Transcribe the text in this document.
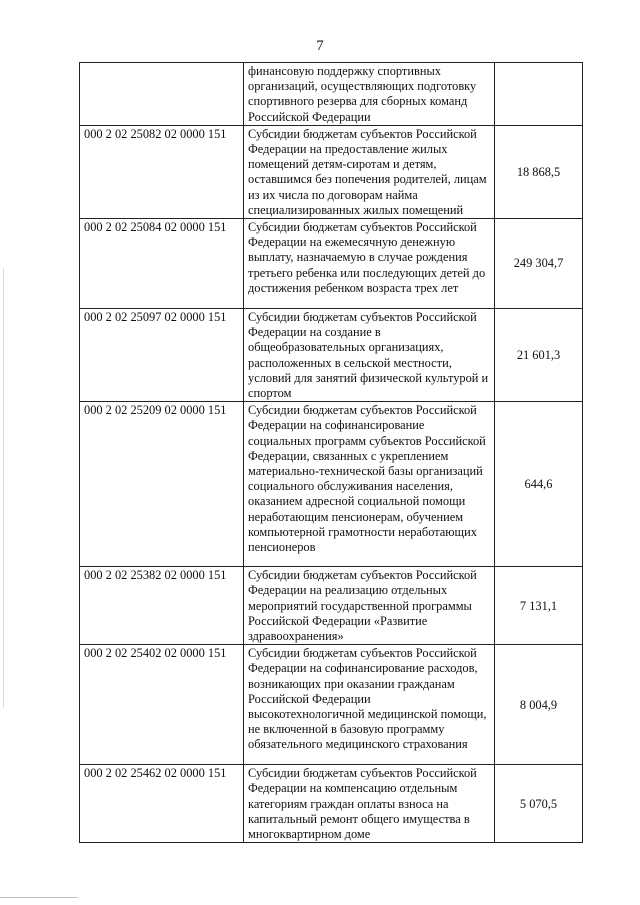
7
	финансовую поддержку спортивных организаций, осуществляющих подготовку спортивного резерва для сборных команд Российской Федерации	
000 2 02 25082 02 0000 151	Субсидии бюджетам субъектов Российской Федерации на предоставление жилых помещений детям-сиротам и детям, оставшимся без попечения родителей, лицам из их числа по договорам найма специализированных жилых помещений	18 868,5
000 2 02 25084 02 0000 151	Субсидии бюджетам субъектов Российской Федерации на ежемесячную денежную выплату, назначаемую в случае рождения третьего ребенка или последующих детей до достижения ребенком возраста трех лет	249 304,7
000 2 02 25097 02 0000 151	Субсидии бюджетам субъектов Российской Федерации на создание в общеобразовательных организациях, расположенных в сельской местности, условий для занятий физической культурой и спортом	21 601,3
000 2 02 25209 02 0000 151	Субсидии бюджетам субъектов Российской Федерации на софинансирование социальных программ субъектов Российской Федерации, связанных с укреплением материально-технической базы организаций социального обслуживания населения, оказанием адресной социальной помощи неработающим пенсионерам, обучением компьютерной грамотности неработающих пенсионеров	644,6
000 2 02 25382 02 0000 151	Субсидии бюджетам субъектов Российской Федерации на реализацию отдельных мероприятий государственной программы Российской Федерации «Развитие здравоохранения»	7 131,1
000 2 02 25402 02 0000 151	Субсидии бюджетам субъектов Российской Федерации на софинансирование расходов, возникающих при оказании гражданам Российской Федерации высокотехнологичной медицинской помощи, не включенной в базовую программу обязательного медицинского страхования	8 004,9
000 2 02 25462 02 0000 151	Субсидии бюджетам субъектов Российской Федерации на компенсацию отдельным категориям граждан оплаты взноса на капитальный ремонт общего имущества в многоквартирном доме	5 070,5
